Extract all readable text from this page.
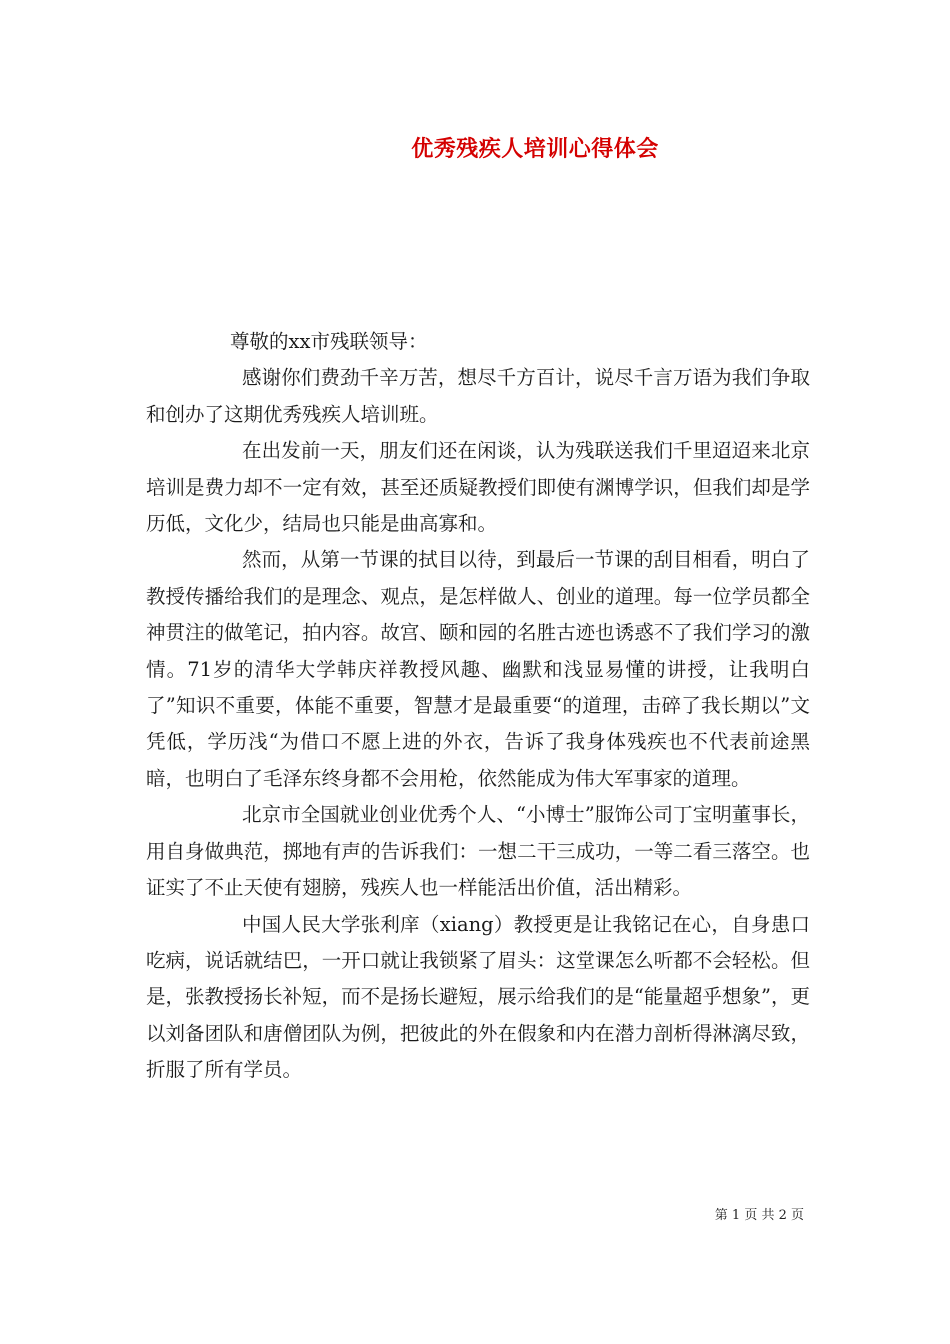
优秀残疾人培训心得体会

尊敬的xx市残联领导：

感谢你们费劲千辛万苦，想尽千方百计，说尽千言万语为我们争取和创办了这期优秀残疾人培训班。

在出发前一天，朋友们还在闲谈，认为残联送我们千里迢迢来北京培训是费力却不一定有效，甚至还质疑教授们即使有渊博学识，但我们却是学历低，文化少，结局也只能是曲高寡和。

然而，从第一节课的拭目以待，到最后一节课的刮目相看，明白了教授传播给我们的是理念、观点，是怎样做人、创业的道理。每一位学员都全神贯注的做笔记，拍内容。故宫、颐和园的名胜古迹也诱惑不了我们学习的激情。71岁的清华大学韩庆祥教授风趣、幽默和浅显易懂的讲授，让我明白了”知识不重要，体能不重要，智慧才是最重要“的道理，击碎了我长期以”文凭低，学历浅“为借口不愿上进的外衣，告诉了我身体残疾也不代表前途黑暗，也明白了毛泽东终身都不会用枪，依然能成为伟大军事家的道理。

北京市全国就业创业优秀个人、“小博士”服饰公司丁宝明董事长，用自身做典范，掷地有声的告诉我们：一想二干三成功，一等二看三落空。也证实了不止天使有翅膀，残疾人也一样能活出价值，活出精彩。

中国人民大学张利庠（xiang）教授更是让我铭记在心，自身患口吃病，说话就结巴，一开口就让我锁紧了眉头：这堂课怎么听都不会轻松。但是，张教授扬长补短，而不是扬长避短，展示给我们的是“能量超乎想象”，更以刘备团队和唐僧团队为例，把彼此的外在假象和内在潜力剖析得淋漓尽致，折服了所有学员。

第 1 页 共 2 页
